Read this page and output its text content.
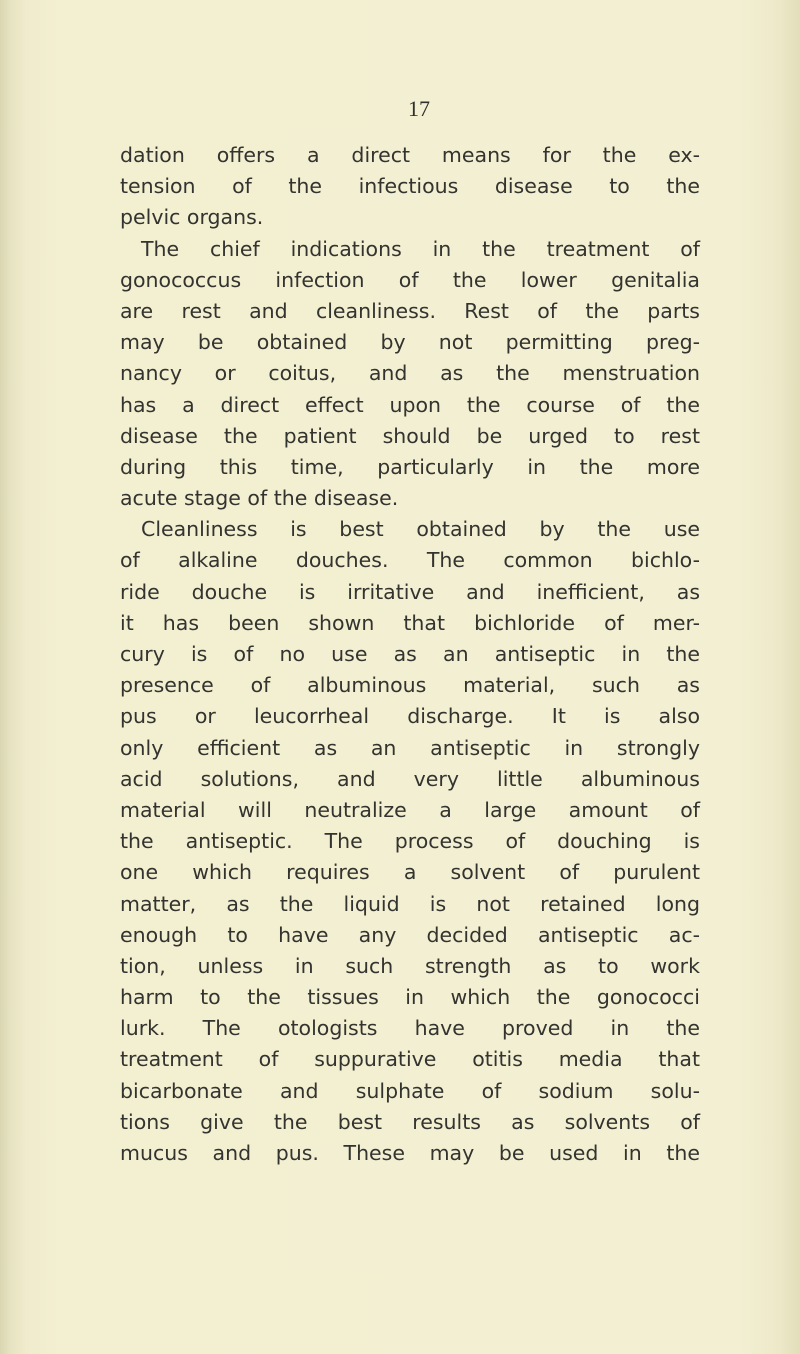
17
dation offers a direct means for the ex-
tension of the infectious disease to the
pelvic organs.
The chief indications in the treatment of
gonococcus infection of the lower genitalia
are rest and cleanliness. Rest of the parts
may be obtained by not permitting preg-
nancy or coitus, and as the menstruation
has a direct effect upon the course of the
disease the patient should be urged to rest
during this time, particularly in the more
acute stage of the disease.
Cleanliness is best obtained by the use
of alkaline douches. The common bichlo-
ride douche is irritative and inefficient, as
it has been shown that bichloride of mer-
cury is of no use as an antiseptic in the
presence of albuminous material, such as
pus or leucorrheal discharge. It is also
only efficient as an antiseptic in strongly
acid solutions, and very little albuminous
material will neutralize a large amount of
the antiseptic. The process of douching is
one which requires a solvent of purulent
matter, as the liquid is not retained long
enough to have any decided antiseptic ac-
tion, unless in such strength as to work
harm to the tissues in which the gonococci
lurk. The otologists have proved in the
treatment of suppurative otitis media that
bicarbonate and sulphate of sodium solu-
tions give the best results as solvents of
mucus and pus. These may be used in the
